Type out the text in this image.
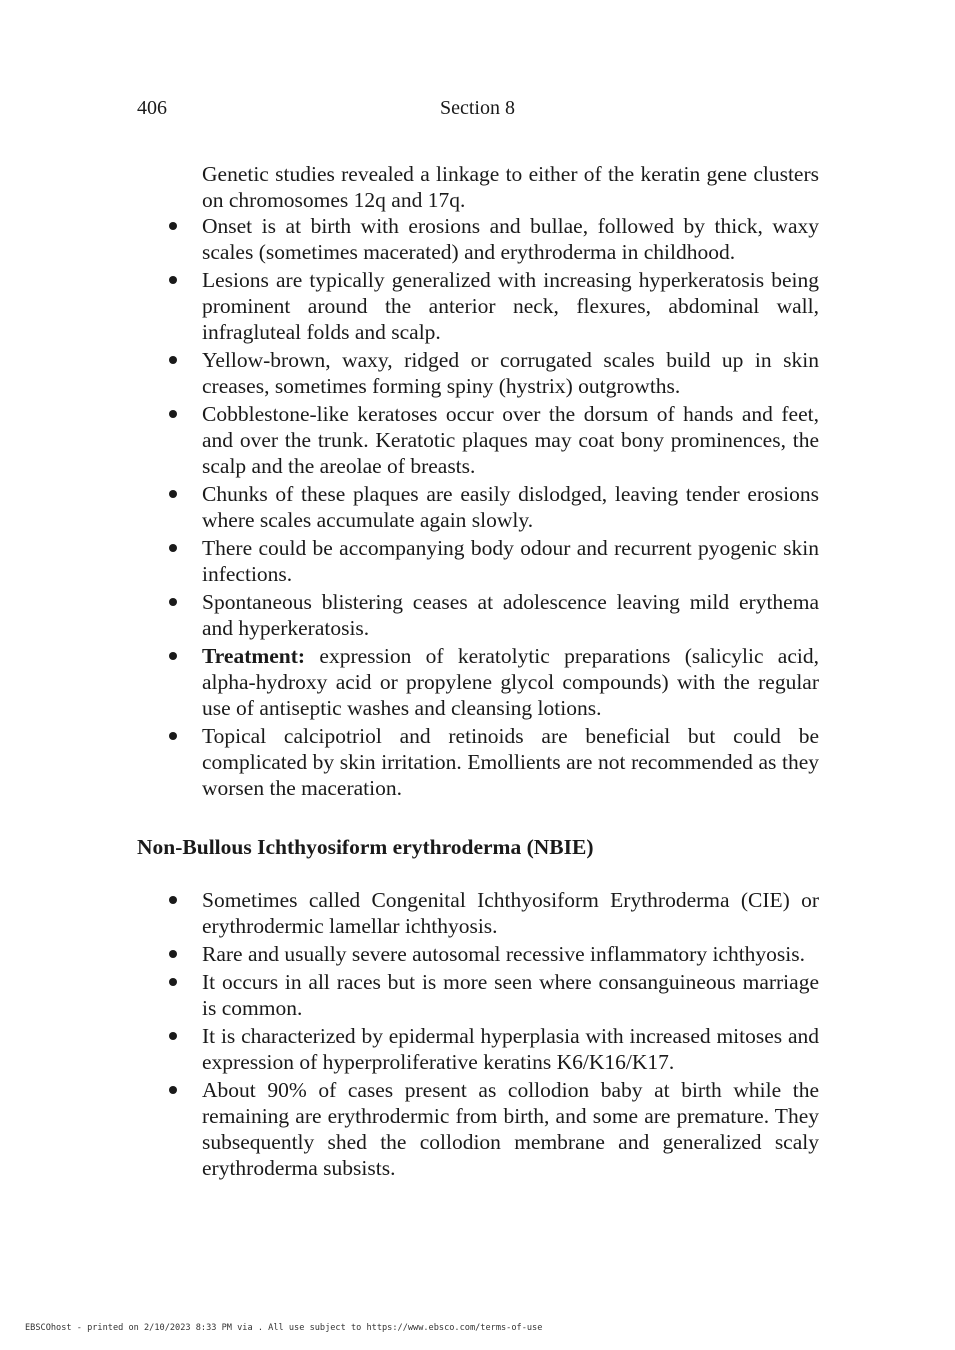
406	Section 8

Genetic studies revealed a linkage to either of the keratin gene clusters on chromosomes 12q and 17q.

Onset is at birth with erosions and bullae, followed by thick, waxy scales (sometimes macerated) and erythroderma in childhood.
Lesions are typically generalized with increasing hyperkeratosis being prominent around the anterior neck, flexures, abdominal wall, infragluteal folds and scalp.
Yellow-brown, waxy, ridged or corrugated scales build up in skin creases, sometimes forming spiny (hystrix) outgrowths.
Cobblestone-like keratoses occur over the dorsum of hands and feet, and over the trunk. Keratotic plaques may coat bony prominences, the scalp and the areolae of breasts.
Chunks of these plaques are easily dislodged, leaving tender erosions where scales accumulate again slowly.
There could be accompanying body odour and recurrent pyogenic skin infections.
Spontaneous blistering ceases at adolescence leaving mild erythema and hyperkeratosis.
Treatment: expression of keratolytic preparations (salicylic acid, alpha-hydroxy acid or propylene glycol compounds) with the regular use of antiseptic washes and cleansing lotions.
Topical calcipotriol and retinoids are beneficial but could be complicated by skin irritation. Emollients are not recommended as they worsen the maceration.
Non-Bullous Ichthyosiform erythroderma (NBIE)
Sometimes called Congenital Ichthyosiform Erythroderma (CIE) or erythrodermic lamellar ichthyosis.
Rare and usually severe autosomal recessive inflammatory ichthyosis.
It occurs in all races but is more seen where consanguineous marriage is common.
It is characterized by epidermal hyperplasia with increased mitoses and expression of hyperproliferative keratins K6/K16/K17.
About 90% of cases present as collodion baby at birth while the remaining are erythrodermic from birth, and some are premature. They subsequently shed the collodion membrane and generalized scaly erythroderma subsists.
EBSCOhost - printed on 2/10/2023 8:33 PM via . All use subject to https://www.ebsco.com/terms-of-use
